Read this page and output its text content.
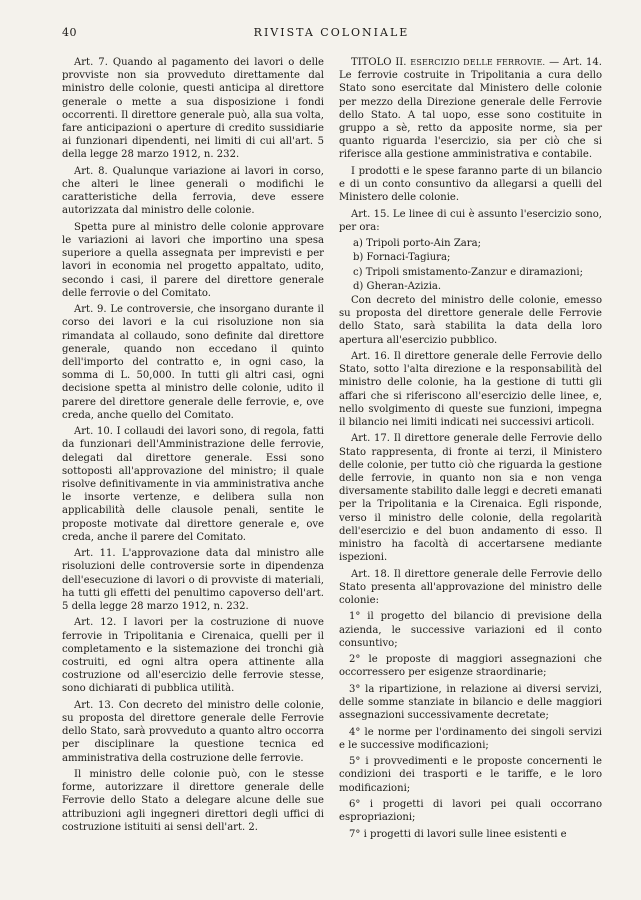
40	RIVISTA COLONIALE

Art. 7. Quando al pagamento dei lavori o delle provviste non sia provveduto direttamente dal ministro delle colonie, questi anticipa al direttore generale o mette a sua disposizione i fondi occorrenti. Il direttore generale può, alla sua volta, fare anticipazioni o aperture di credito sussidiarie ai funzionari dipendenti, nei limiti di cui all'art. 5 della legge 28 marzo 1912, n. 232.

Art. 8. Qualunque variazione ai lavori in corso, che alteri le linee generali o modifichi le caratteristiche della ferrovia, deve essere autorizzata dal ministro delle colonie.

Spetta pure al ministro delle colonie approvare le variazioni ai lavori che importino una spesa superiore a quella assegnata per imprevisti e per lavori in economia nel progetto appaltato, udito, secondo i casi, il parere del direttore generale delle ferrovie o del Comitato.

Art. 9. Le controversie, che insorgano durante il corso dei lavori e la cui risoluzione non sia rimandata al collaudo, sono definite dal direttore generale, quando non eccedano il quinto dell'importo del contratto e, in ogni caso, la somma di L. 50,000. In tutti gli altri casi, ogni decisione spetta al ministro delle colonie, udito il parere del direttore generale delle ferrovie, e, ove creda, anche quello del Comitato.

Art. 10. I collaudi dei lavori sono, di regola, fatti da funzionari dell'Amministrazione delle ferrovie, delegati dal direttore generale. Essi sono sottoposti all'approvazione del ministro; il quale risolve definitivamente in via amministrativa anche le insorte vertenze, e delibera sulla non applicabilità delle clausole penali, sentite le proposte motivate dal direttore generale e, ove creda, anche il parere del Comitato.

Art. 11. L'approvazione data dal ministro alle risoluzioni delle controversie sorte in dipendenza dell'esecuzione di lavori o di provviste di materiali, ha tutti gli effetti del penultimo capoverso dell'art. 5 della legge 28 marzo 1912, n. 232.

Art. 12. I lavori per la costruzione di nuove ferrovie in Tripolitania e Cirenaica, quelli per il completamento e la sistemazione dei tronchi già costruiti, ed ogni altra opera attinente alla costruzione od all'esercizio delle ferrovie stesse, sono dichiarati di pubblica utilità.

Art. 13. Con decreto del ministro delle colonie, su proposta del direttore generale delle Ferrovie dello Stato, sarà provveduto a quanto altro occorra per disciplinare la questione tecnica ed amministrativa della costruzione delle ferrovie.

Il ministro delle colonie può, con le stesse forme, autorizzare il direttore generale delle Ferrovie dello Stato a delegare alcune delle sue attribuzioni agli ingegneri direttori degli uffici di costruzione istituiti ai sensi dell'art. 2.

TITOLO II. ESERCIZIO DELLE FERROVIE. — Art. 14. Le ferrovie costruite in Tripolitania a cura dello Stato sono esercitate dal Ministero delle colonie per mezzo della Direzione generale delle Ferrovie dello Stato. A tal uopo, esse sono costituite in gruppo a sè, retto da apposite norme, sia per quanto riguarda l'esercizio, sia per ciò che si riferisce alla gestione amministrativa e contabile.

I prodotti e le spese faranno parte di un bilancio e di un conto consuntivo da allegarsi a quelli del Ministero delle colonie.

Art. 15. Le linee di cui è assunto l'esercizio sono, per ora:

a) Tripoli porto-Ain Zara;

b) Fornaci-Tagiura;

c) Tripoli smistamento-Zanzur e diramazioni;

d) Gheran-Azizia.

Con decreto del ministro delle colonie, emesso su proposta del direttore generale delle Ferrovie dello Stato, sarà stabilita la data della loro apertura all'esercizio pubblico.

Art. 16. Il direttore generale delle Ferrovie dello Stato, sotto l'alta direzione e la responsabilità del ministro delle colonie, ha la gestione di tutti gli affari che si riferiscono all'esercizio delle linee, e, nello svolgimento di queste sue funzioni, impegna il bilancio nei limiti indicati nei successivi articoli.

Art. 17. Il direttore generale delle Ferrovie dello Stato rappresenta, di fronte ai terzi, il Ministero delle colonie, per tutto ciò che riguarda la gestione delle ferrovie, in quanto non sia e non venga diversamente stabilito dalle leggi e decreti emanati per la Tripolitania e la Cirenaica. Egli risponde, verso il ministro delle colonie, della regolarità dell'esercizio e del buon andamento di esso. Il ministro ha facoltà di accertarsene mediante ispezioni.

Art. 18. Il direttore generale delle Ferrovie dello Stato presenta all'approvazione del ministro delle colonie:

1° il progetto del bilancio di previsione della azienda, le successive variazioni ed il conto consuntivo;

2° le proposte di maggiori assegnazioni che occorressero per esigenze straordinarie;

3° la ripartizione, in relazione ai diversi servizi, delle somme stanziate in bilancio e delle maggiori assegnazioni successivamente decretate;

4° le norme per l'ordinamento dei singoli servizi e le successive modificazioni;

5° i provvedimenti e le proposte concernenti le condizioni dei trasporti e le tariffe, e le loro modificazioni;

6° i progetti di lavori pei quali occorrano espropriazioni;

7° i progetti di lavori sulle linee esistenti e
